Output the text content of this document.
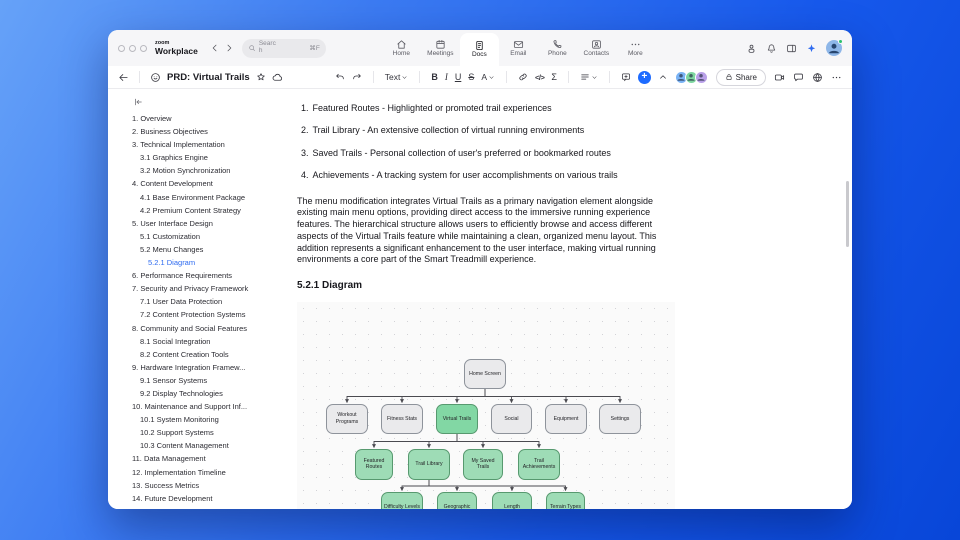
zoom
Workplace
Search	⌘F
Home	Meetings	Docs	Email	Phone	Contacts	More
PRD: Virtual Trails	Text	B I U S A	</> Σ	+	Share
1. Overview
2. Business Objectives
3. Technical Implementation
3.1 Graphics Engine
3.2 Motion Synchronization
4. Content Development
4.1 Base Environment Package
4.2 Premium Content Strategy
5. User Interface Design
5.1 Customization
5.2 Menu Changes
5.2.1 Diagram
6. Performance Requirements
7. Security and Privacy Framework
7.1 User Data Protection
7.2 Content Protection Systems
8. Community and Social Features
8.1 Social Integration
8.2 Content Creation Tools
9. Hardware Integration Framew...
9.1 Sensor Systems
9.2 Display Technologies
10. Maintenance and Support Inf...
10.1 System Monitoring
10.2 Support Systems
10.3 Content Management
11. Data Management
12. Implementation Timeline
13. Success Metrics
14. Future Development
1. Featured Routes - Highlighted or promoted trail experiences
2. Trail Library - An extensive collection of virtual running environments
3. Saved Trails - Personal collection of user's preferred or bookmarked routes
4. Achievements - A tracking system for user accomplishments on various trails
The menu modification integrates Virtual Trails as a primary navigation element alongside existing main menu options, providing direct access to the immersive running experience features. The hierarchical structure allows users to efficiently browse and access different aspects of the Virtual Trails feature while maintaining a clean, organized menu layout. This addition represents a significant enhancement to the user interface, making virtual running environments a core part of the Smart Treadmill experience.
5.2.1 Diagram
Home Screen
Workout Programs
Fitness Stats	Virtual Trails	Social	Equipment	Settings
Featured Routes
Trail Library
My Saved Trails
Trail Achievements
Difficulty Levels	Geographic	Length	Terrain Types
